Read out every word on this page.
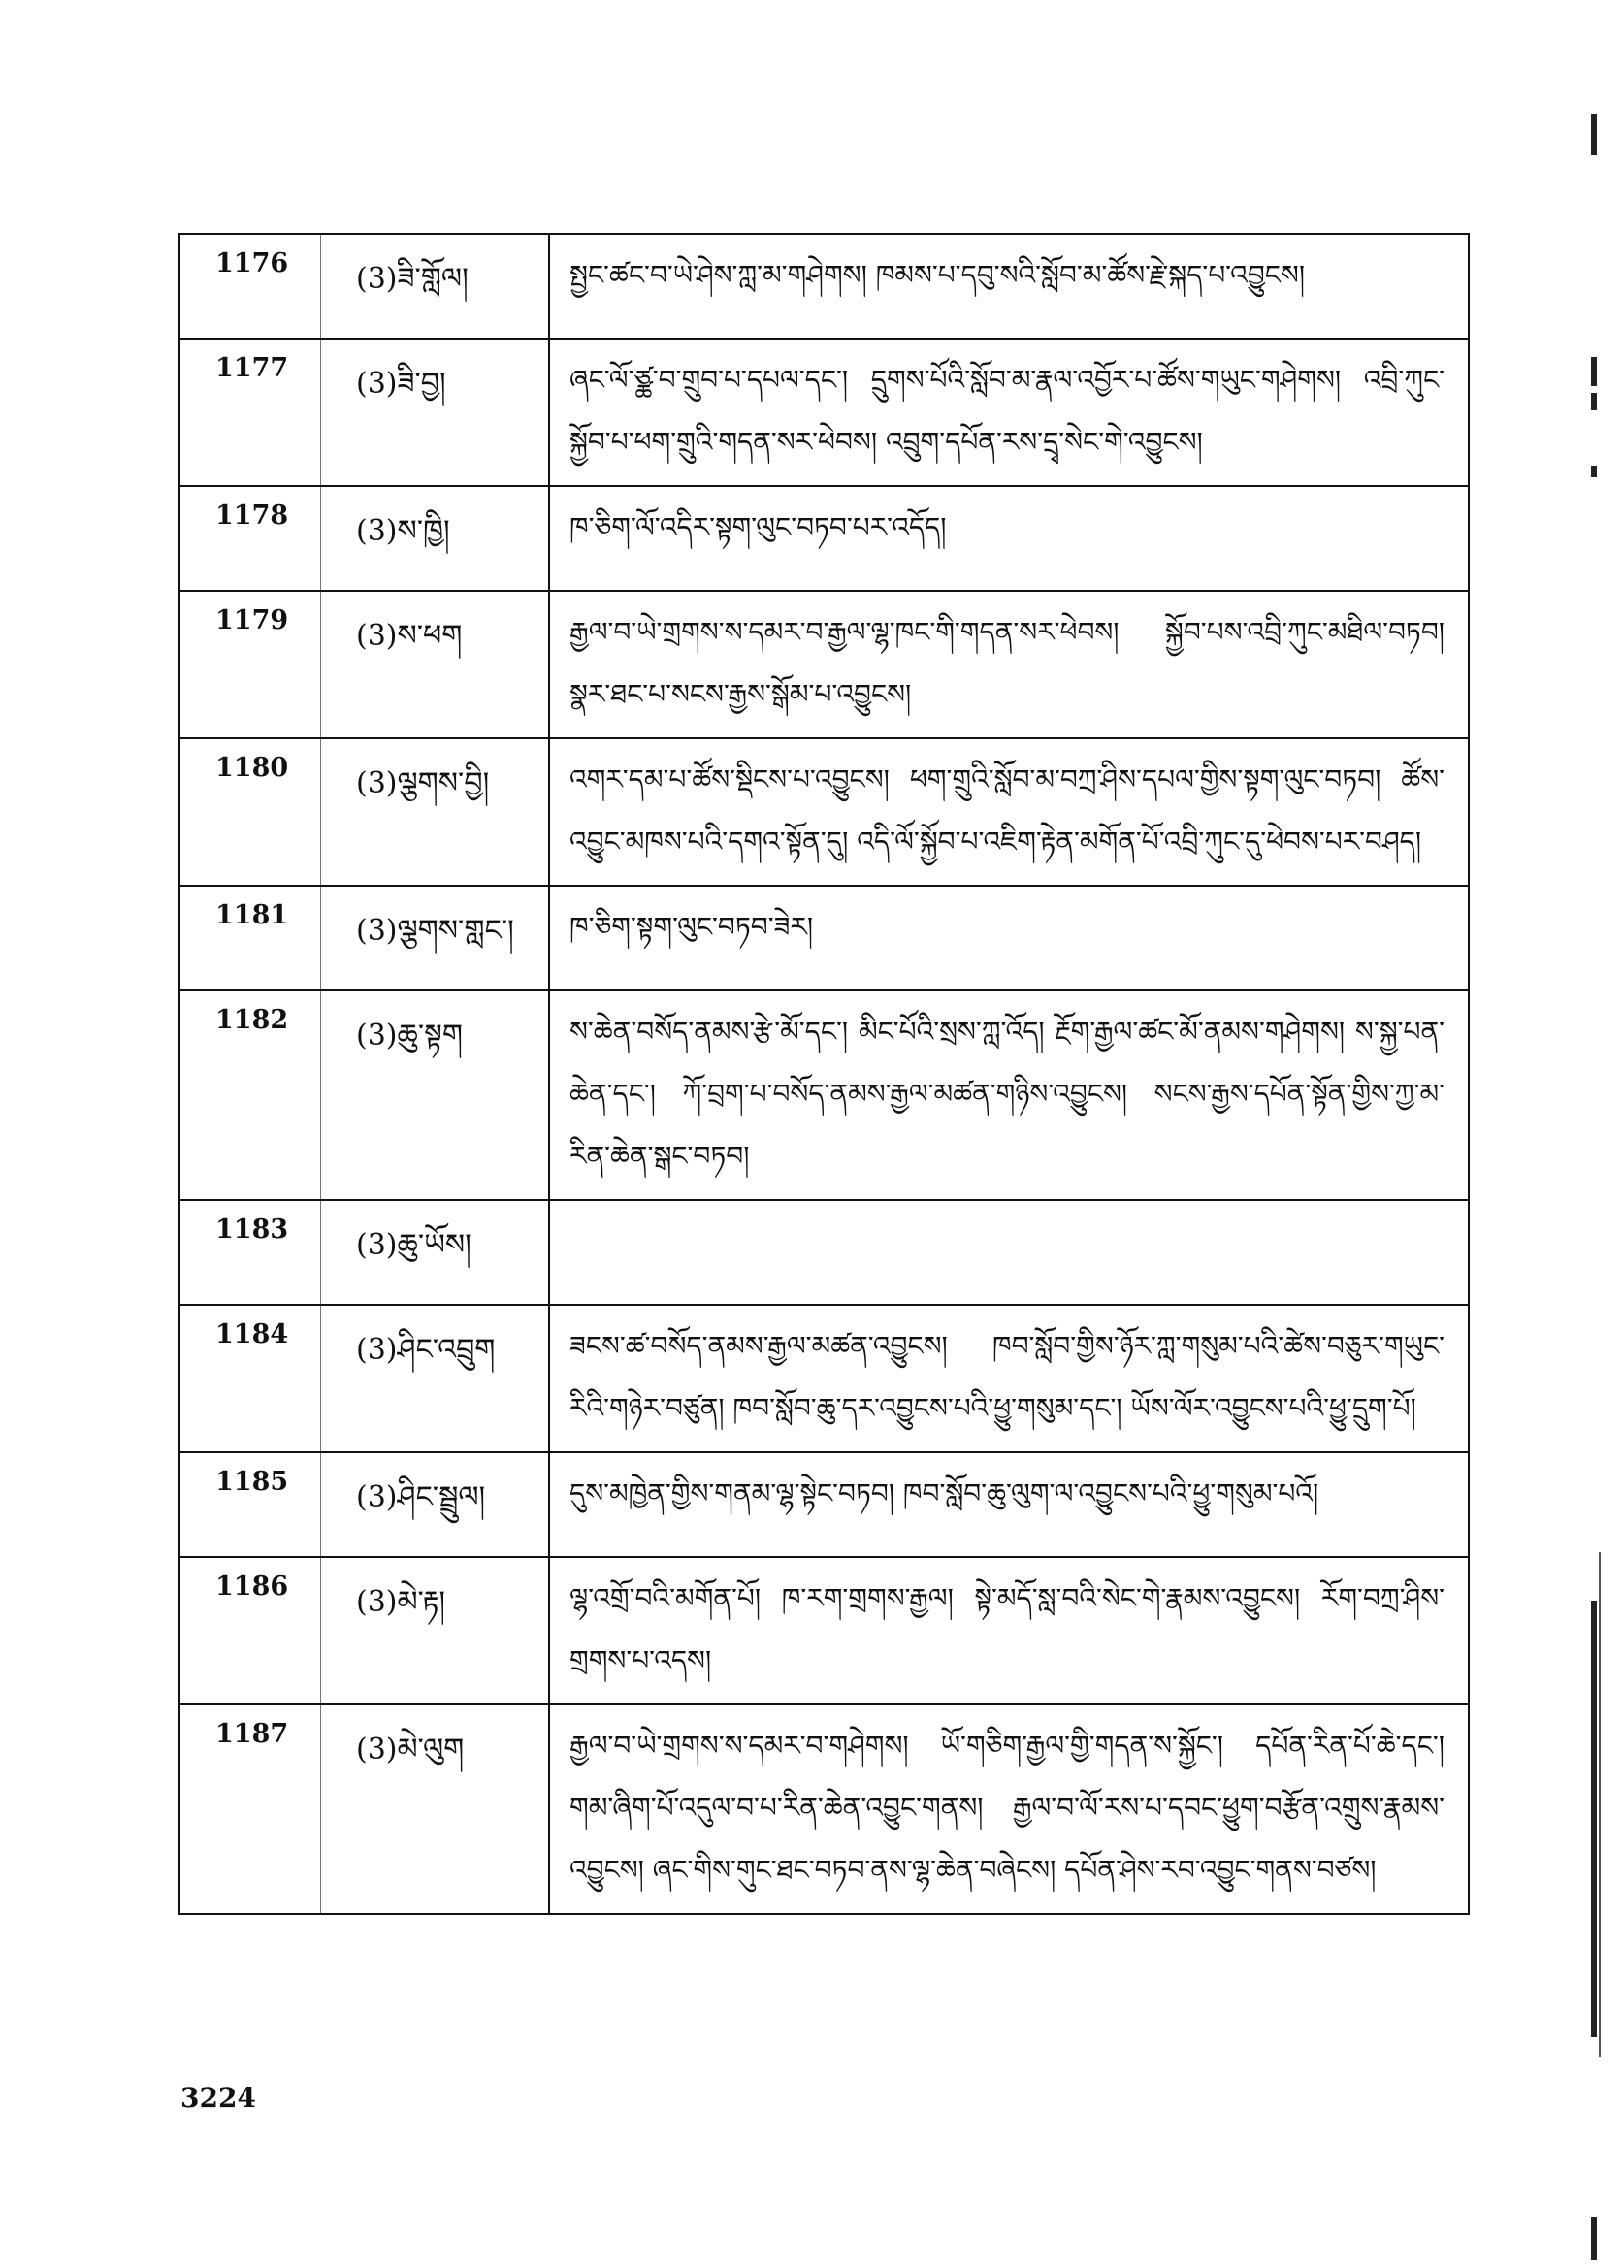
1176	(3)ཟི་གློལ།	སྤྱང་ཚང་བ་ཡེ་ཤེས་ཀླ་མ་གཤེགས། ཁམས་པ་དབུ་སའི་སློབ་མ་ཚོས་རྗེ་སྐད་པ་འབྱུངས།
1177	(3)ཟི་བྱ།	ཞང་ལོ་ཙྪ་བ་གྲུབ་པ་དཔལ་དང་། དྲུགས་པོའི་སློབ་མ་རྣལ་འབྱོར་པ་ཚོས་གཡུང་གཤེགས། འབྲི་ཀུང་སྐྱོབ་པ་ཕག་གྲུའི་གདན་སར་ཕེབས། འབྲུག་དཔོན་རས་དྲྭ་སེང་གེ་འབྱུངས།
1178	(3)ས་ཁྱི།	ཁ་ཅིག་ལོ་འདིར་སྟག་ལུང་བཏབ་པར་འདོད།
1179	(3)ས་ཕག	རྒྱལ་བ་ཡེ་གྲགས་ས་དམར་བ་རྒྱལ་ལྷ་ཁང་གི་གདན་སར་ཕེབས། སྐྱོབ་པས་འབྲི་ཀུང་མཐིལ་བཏབ། སྣར་ཐང་པ་སངས་རྒྱས་སྒོམ་པ་འབྱུངས།
1180	(3)ལྕགས་བྱི།	འགར་དམ་པ་ཚོས་སྡིངས་པ་འབྱུངས། ཕག་གྲུའི་སློབ་མ་བཀྲ་ཤིས་དཔལ་གྱིས་སྟག་ལུང་བཏབ། ཚོས་འབྱུང་མཁས་པའི་དགའ་སྟོན་དུ། འདི་ལོ་སྐྱོབ་པ་འཇིག་རྟེན་མགོན་པོ་འབྲི་ཀུང་དུ་ཕེབས་པར་བཤད།
1181	(3)ལྕགས་གླང་།	ཁ་ཅིག་སྟག་ལུང་བཏབ་ཟེར།
1182	(3)ཆུ་སྟག	ས་ཆེན་བསོད་ནམས་རྩེ་མོ་དང་། མིང་པོའི་སྲས་ཀླ་འོད། རྔོག་རྒྱལ་ཚང་མོ་ནམས་གཤེགས། ས་སྐྱ་པན་ཆེན་དང་། ཀོ་བྲག་པ་བསོད་ནམས་རྒྱལ་མཚན་གཉིས་འབྱུངས། སངས་རྒྱས་དཔོན་སྟོན་གྱིས་ཀྱ་མ་རིན་ཆེན་སྒང་བཏབ།
1183	(3)ཆུ་ཡོས།
1184	(3)ཤིང་འབྲུག	ཟངས་ཚ་བསོད་ནམས་རྒྱལ་མཚན་འབྱུངས། ཁབ་སློབ་གྱིས་ཉོར་ཀླ་གསུམ་པའི་ཚེས་བཅུར་གཡུང་རིའི་གཉེར་བཙུན། ཁབ་སློབ་ཆུ་དར་འབྱུངས་པའི་ཕྱུ་གསུམ་དང་། ཡོས་ལོར་འབྱུངས་པའི་ཕྱུ་དྲུག་པོ།
1185	(3)ཤིང་སྦྲུལ།	དུས་མཁྱེན་གྱིས་གནམ་ལྷ་སྟེང་བཏབ། ཁབ་སློབ་ཆུ་ལུག་ལ་འབྱུངས་པའི་ཕྱུ་གསུམ་པའོ།
1186	(3)མེ་རྟ།	ལྷ་འགྲོ་བའི་མགོན་པོ། ཁ་རག་གྲགས་རྒྱལ། སྟེ་མདོ་སླ་བའི་སེང་གེ་རྣམས་འབྱུངས། རོག་བཀྲ་ཤིས་གྲགས་པ་འདས།
1187	(3)མེ་ལུག	རྒྱལ་བ་ཡེ་གྲགས་ས་དམར་བ་གཤེགས། ཡོ་གཅིག་རྒྱལ་གྱི་གདན་ས་སྐྱོང་། དཔོན་རིན་པོ་ཆེ་དང་། གམ་ཞིག་པོ་འདུལ་བ་པ་རིན་ཆེན་འབྱུང་གནས། རྒྱལ་བ་ལོ་རས་པ་དབང་ཕྱུག་བརྩོན་འགྲུས་རྣམས་འབྱུངས། ཞང་གིས་གུང་ཐང་བཏབ་ནས་ལྷ་ཆེན་བཞེངས། དཔོན་ཤེས་རབ་འབྱུང་གནས་བཙས།
3224
